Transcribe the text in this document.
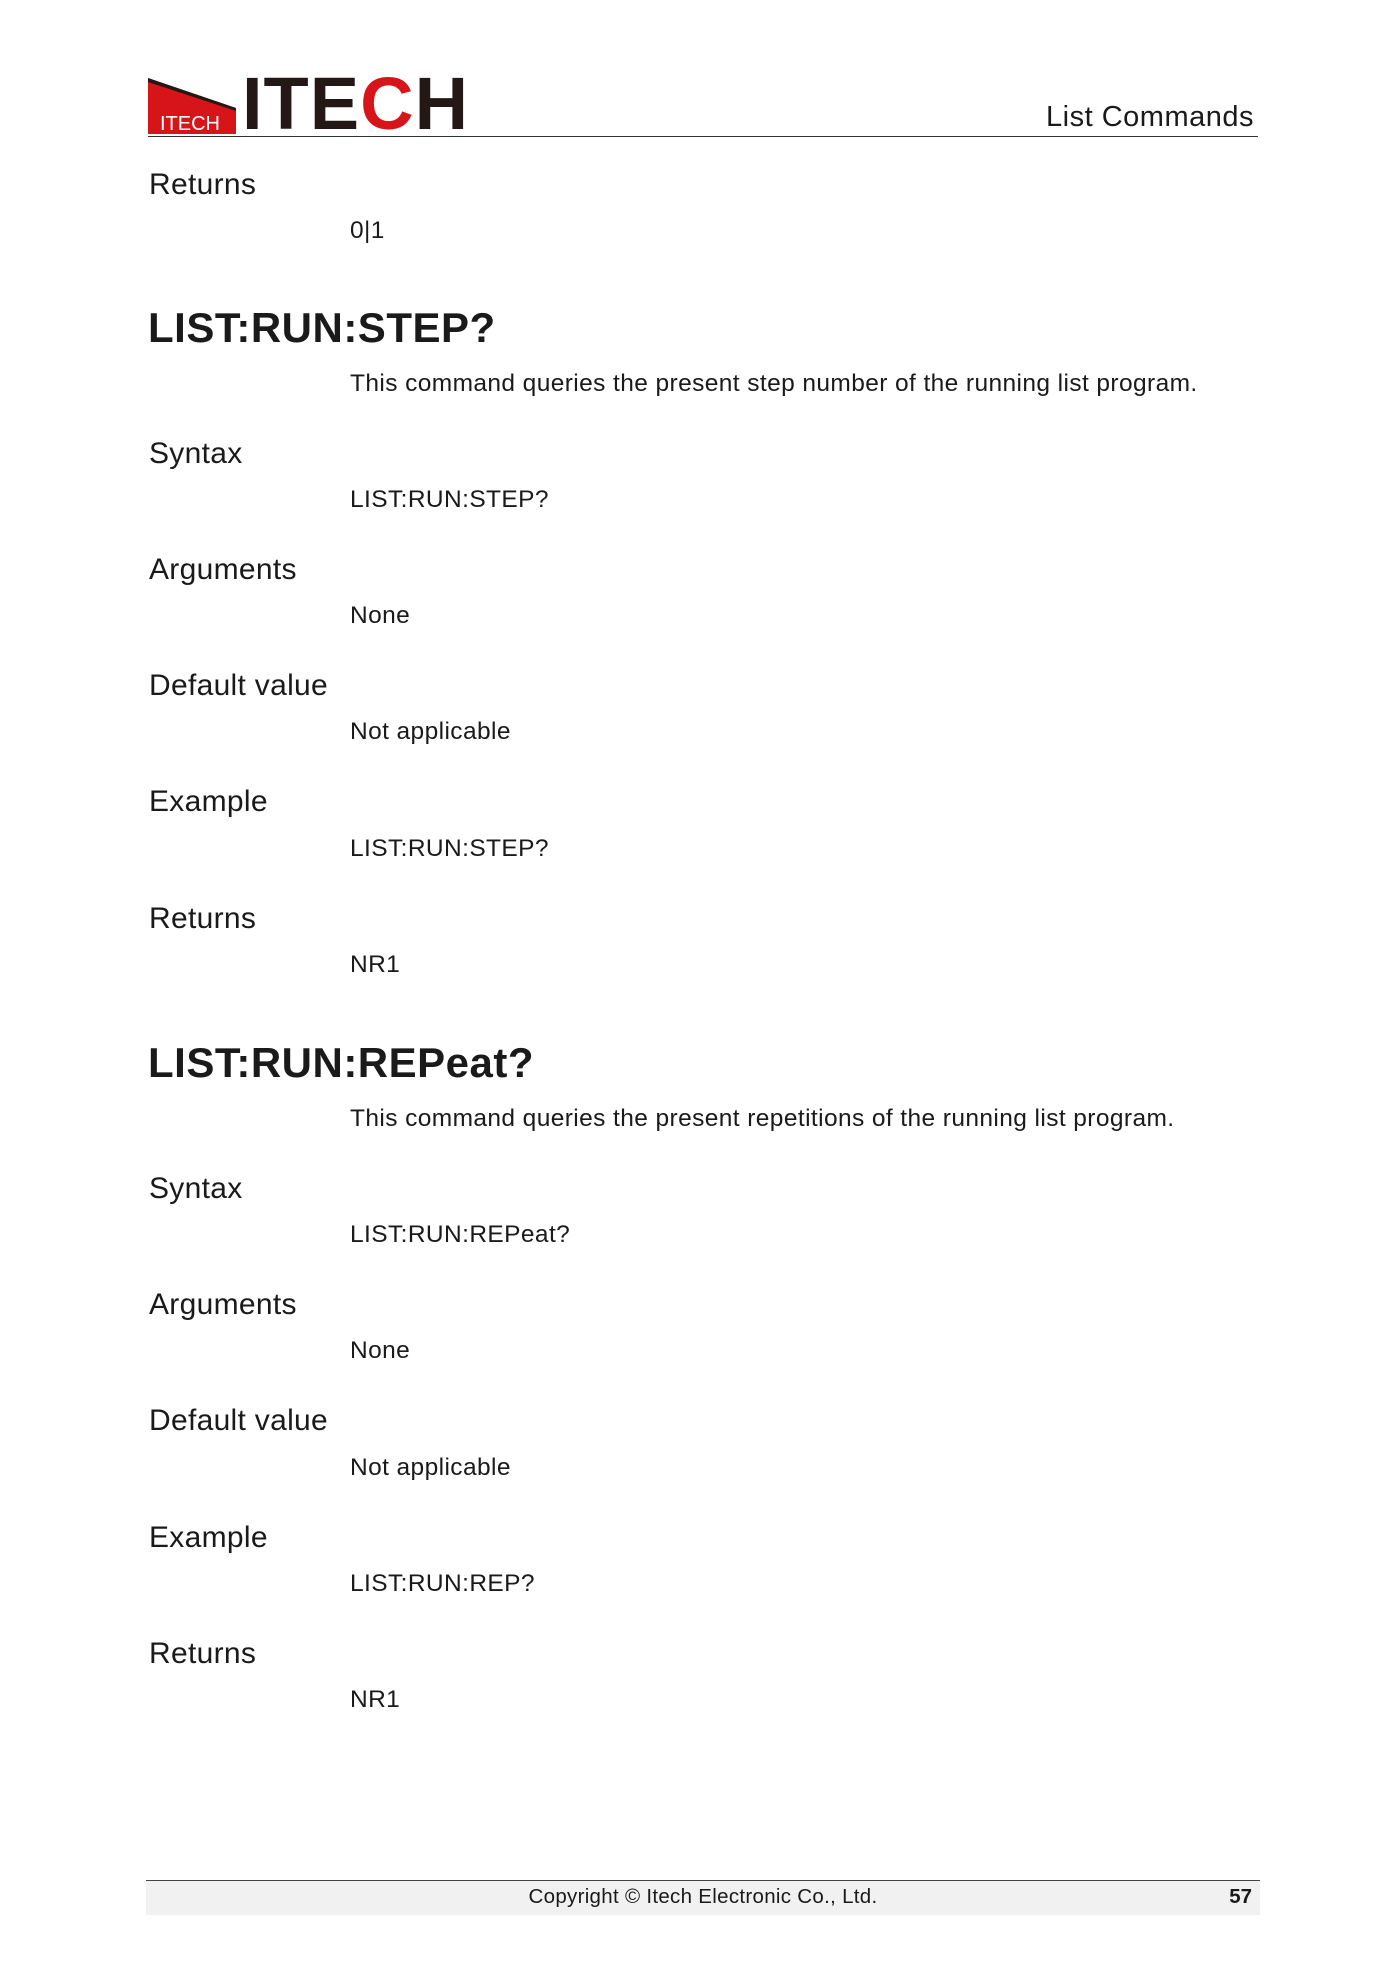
ITECH ITECH	List Commands
Returns
0|1
LIST:RUN:STEP?
This command queries the present step number of the running list program.
Syntax
LIST:RUN:STEP?
Arguments
None
Default value
Not applicable
Example
LIST:RUN:STEP?
Returns
NR1
LIST:RUN:REPeat?
This command queries the present repetitions of the running list program.
Syntax
LIST:RUN:REPeat?
Arguments
None
Default value
Not applicable
Example
LIST:RUN:REP?
Returns
NR1
Copyright © Itech Electronic Co., Ltd.	57
